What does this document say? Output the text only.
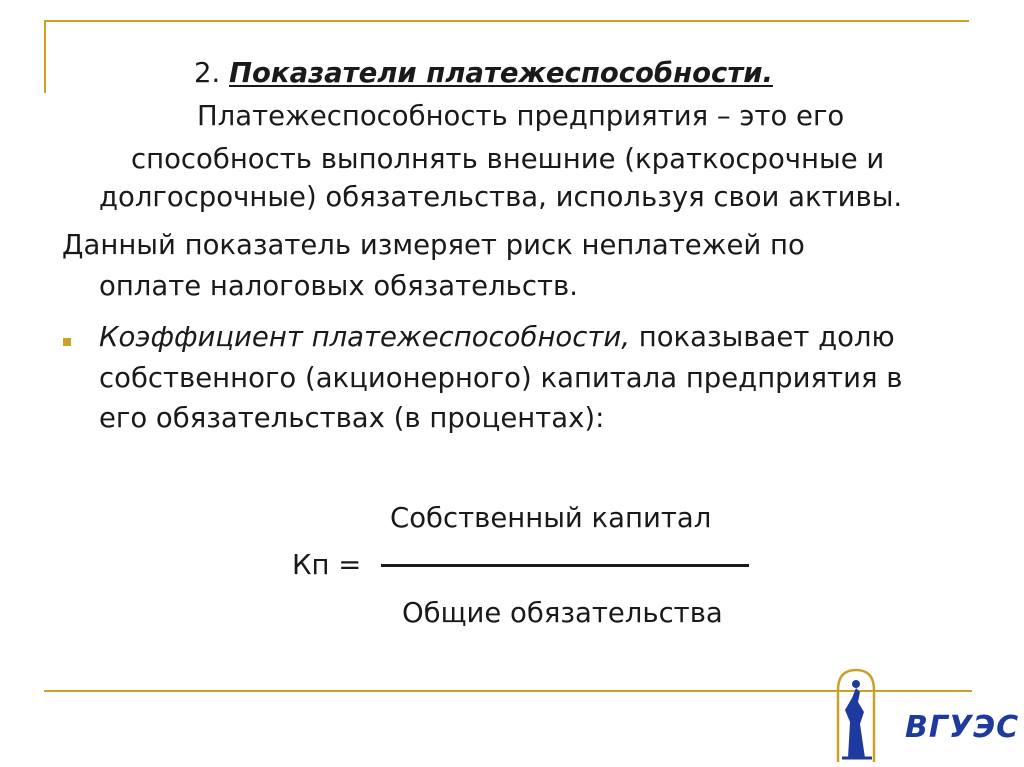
2. Показатели платежеспособности.
Платежеспособность предприятия – это его
способность выполнять внешние (краткосрочные и
долгосрочные) обязательства, используя свои активы.
Данный показатель измеряет риск неплатежей по
оплате налоговых обязательств.
Коэффициент платежеспособности, показывает долю
собственного (акционерного) капитала предприятия в
его обязательствах (в процентах):
Собственный капитал
Кп =
Общие обязательства
ВГУЭС
